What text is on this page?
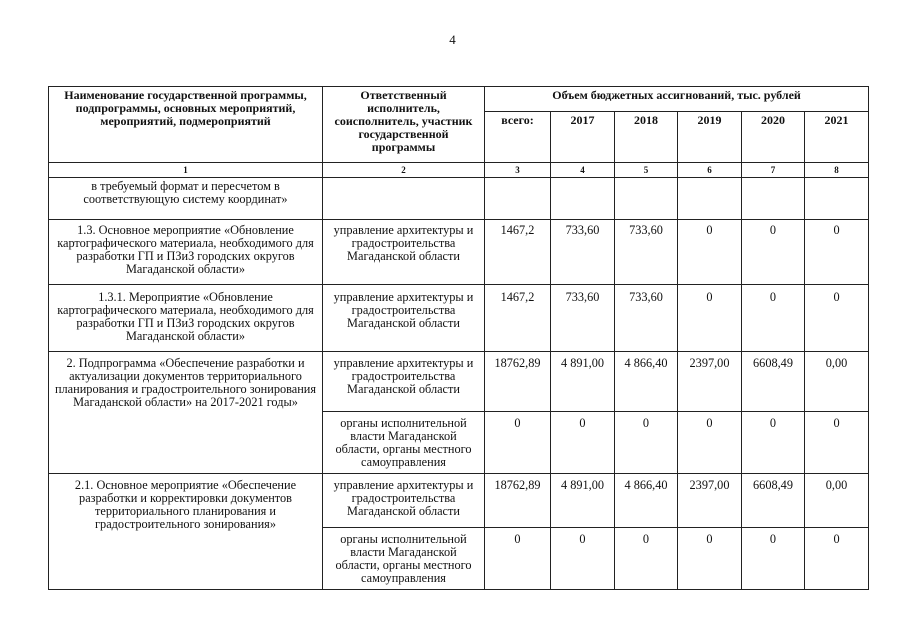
4
Наименование государственной программы, подпрограммы, основных мероприятий, мероприятий, подмероприятий	Ответственный исполнитель, соисполнитель, участник государственной программы	Объем бюджетных ассигнований, тыс. рублей					
		всего:	2017	2018	2019	2020	2021
1	2	3	4	5	6	7	8
в требуемый формат и пересчетом в соответствующую систему координат»							
1.3. Основное мероприятие «Обновление картографического материала, необходимого для разработки ГП и ПЗиЗ городских округов Магаданской области»	управление архитектуры и градостроительства Магаданской области	1467,2	733,60	733,60	0	0	0
1.3.1. Мероприятие «Обновление картографического материала, необходимого для разработки ГП и ПЗиЗ городских округов Магаданской области»	управление архитектуры и градостроительства Магаданской области	1467,2	733,60	733,60	0	0	0
2. Подпрограмма «Обеспечение разработки и актуализации документов территориального планирования и градостроительного зонирования Магаданской области» на 2017-2021 годы»	управление архитектуры и градостроительства Магаданской области	18762,89	4 891,00	4 866,40	2397,00	6608,49	0,00
	органы исполнительной власти Магаданской области, органы местного самоуправления	0	0	0	0	0	0
2.1. Основное мероприятие «Обеспечение разработки и корректировки документов территориального планирования и градостроительного зонирования»	управление архитектуры и градостроительства Магаданской области	18762,89	4 891,00	4 866,40	2397,00	6608,49	0,00
	органы исполнительной власти Магаданской области, органы местного самоуправления	0	0	0	0	0	0
